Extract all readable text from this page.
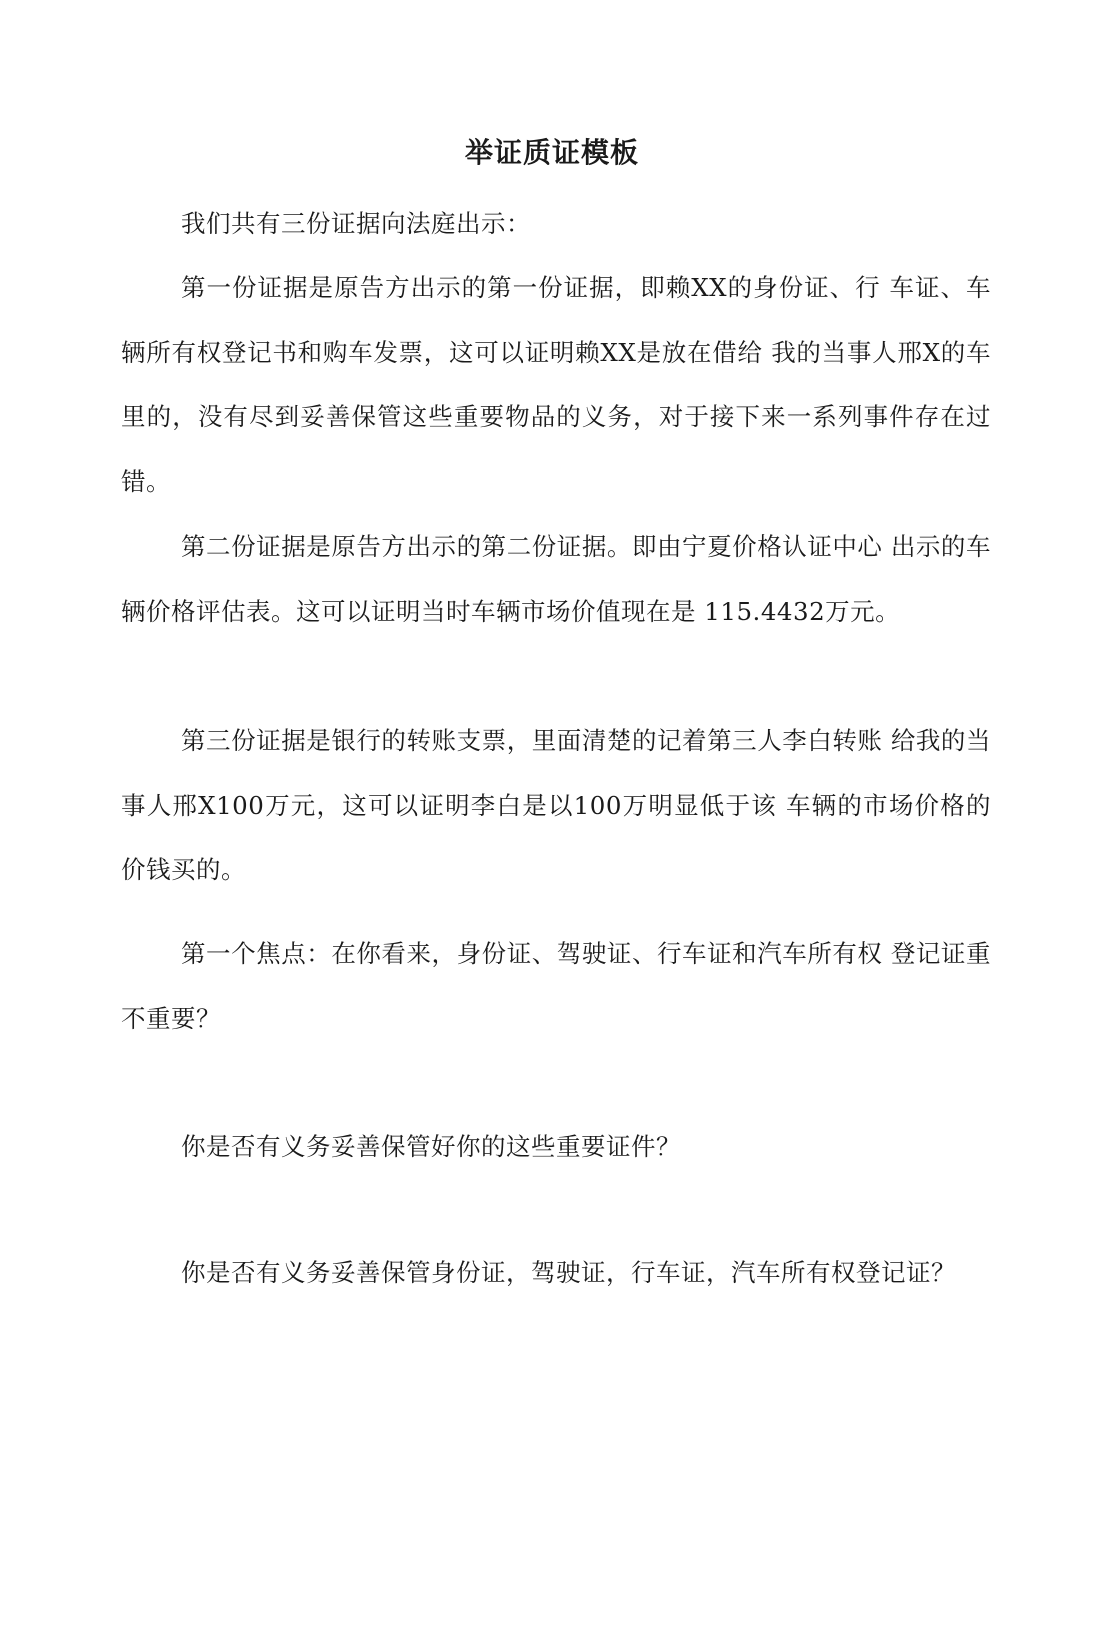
举证质证模板

我们共有三份证据向法庭出示：

第一份证据是原告方出示的第一份证据，即赖XX的身份证、行 车证、车辆所有权登记书和购车发票，这可以证明赖XX是放在借给 我的当事人邢X的车里的，没有尽到妥善保管这些重要物品的义务，对于接下来一系列事件存在过错。

第二份证据是原告方出示的第二份证据。即由宁夏价格认证中心 出示的车辆价格评估表。这可以证明当时车辆市场价值现在是 115.4432万元。

第三份证据是银行的转账支票，里面清楚的记着第三人李白转账 给我的当事人邢X100万元，这可以证明李白是以100万明显低于该 车辆的市场价格的价钱买的。

第一个焦点：在你看来，身份证、驾驶证、行车证和汽车所有权 登记证重不重要？

你是否有义务妥善保管好你的这些重要证件？

你是否有义务妥善保管身份证，驾驶证，行车证，汽车所有权登记证？
